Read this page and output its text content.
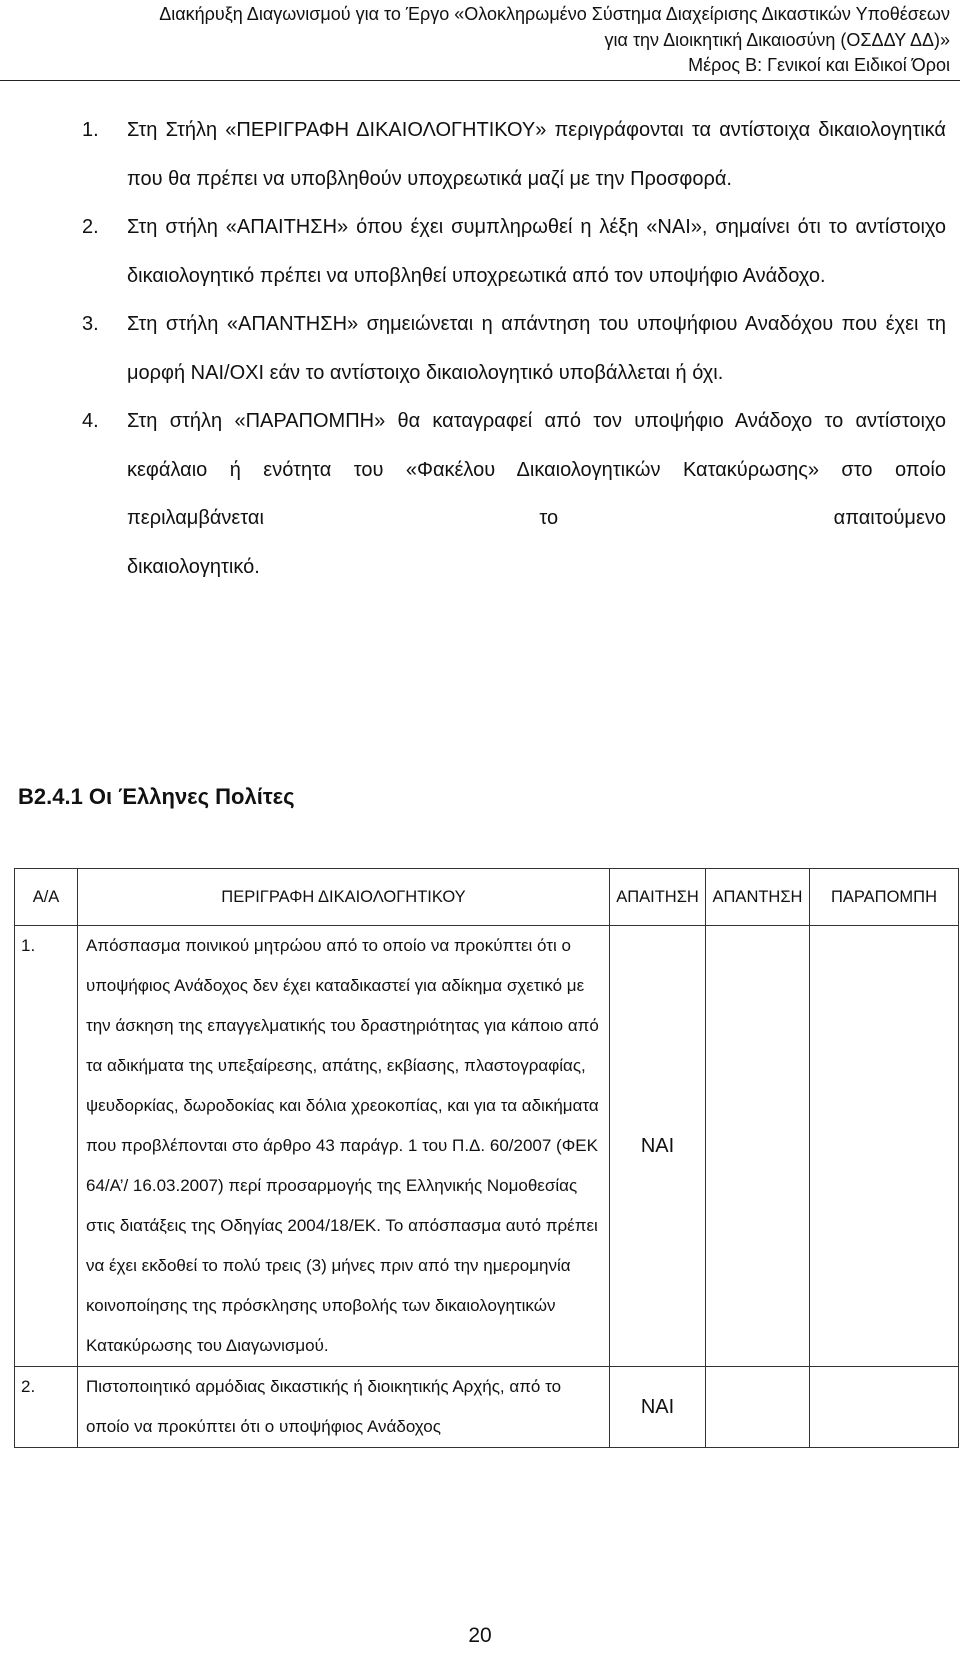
Διακήρυξη Διαγωνισμού για το Έργο «Ολοκληρωμένο Σύστημα Διαχείρισης Δικαστικών Υποθέσεων
για την Διοικητική Δικαιοσύνη (ΟΣΔΔΥ ΔΔ)»
Μέρος Β: Γενικοί και Ειδικοί Όροι
1. Στη Στήλη «ΠΕΡΙΓΡΑΦΗ ΔΙΚΑΙΟΛΟΓΗΤΙΚΟΥ» περιγράφονται τα αντίστοιχα δικαιολογητικά που θα πρέπει να υποβληθούν υποχρεωτικά μαζί με την Προσφορά.
2. Στη στήλη «ΑΠΑΙΤΗΣΗ» όπου έχει συμπληρωθεί η λέξη «ΝΑΙ», σημαίνει ότι το αντίστοιχο δικαιολογητικό πρέπει να υποβληθεί υποχρεωτικά από τον υποψήφιο Ανάδοχο.
3. Στη στήλη «ΑΠΑΝΤΗΣΗ» σημειώνεται η απάντηση του υποψήφιου Αναδόχου που έχει τη μορφή ΝΑΙ/ΟΧΙ εάν το αντίστοιχο δικαιολογητικό υποβάλλεται ή όχι.
4. Στη στήλη «ΠΑΡΑΠΟΜΠΗ» θα καταγραφεί από τον υποψήφιο Ανάδοχο το αντίστοιχο κεφάλαιο ή ενότητα του «Φακέλου Δικαιολογητικών Κατακύρωσης» στο οποίο περιλαμβάνεται το απαιτούμενο
δικαιολογητικό.
Β2.4.1 Οι Έλληνες Πολίτες
Α/Α	ΠΕΡΙΓΡΑΦΗ ΔΙΚΑΙΟΛΟΓΗΤΙΚΟΥ	ΑΠΑΙΤΗΣΗ	ΑΠΑΝΤΗΣΗ	ΠΑΡΑΠΟΜΠΗ
1.	Απόσπασμα ποινικού μητρώου από το οποίο να προκύπτει ότι ο υποψήφιος Ανάδοχος δεν έχει καταδικαστεί για αδίκημα σχετικό με την άσκηση της επαγγελματικής του δραστηριότητας για κάποιο από τα αδικήματα της υπεξαίρεσης, απάτης, εκβίασης, πλαστογραφίας, ψευδορκίας, δωροδοκίας και δόλια χρεοκοπίας, και για τα αδικήματα που προβλέπονται στο άρθρο 43 παράγρ. 1 του Π.Δ. 60/2007 (ΦΕΚ 64/Α’/ 16.03.2007) περί προσαρμογής της Ελληνικής Νομοθεσίας στις διατάξεις της Οδηγίας 2004/18/ΕΚ. Το απόσπασμα αυτό πρέπει να έχει εκδοθεί το πολύ τρεις (3) μήνες πριν από την ημερομηνία κοινοποίησης της πρόσκλησης υποβολής των δικαιολογητικών Κατακύρωσης του Διαγωνισμού.	ΝΑΙ		
2.	Πιστοποιητικό αρμόδιας δικαστικής ή διοικητικής Αρχής, από το οποίο να προκύπτει ότι ο υποψήφιος Ανάδοχος	ΝΑΙ		
20
